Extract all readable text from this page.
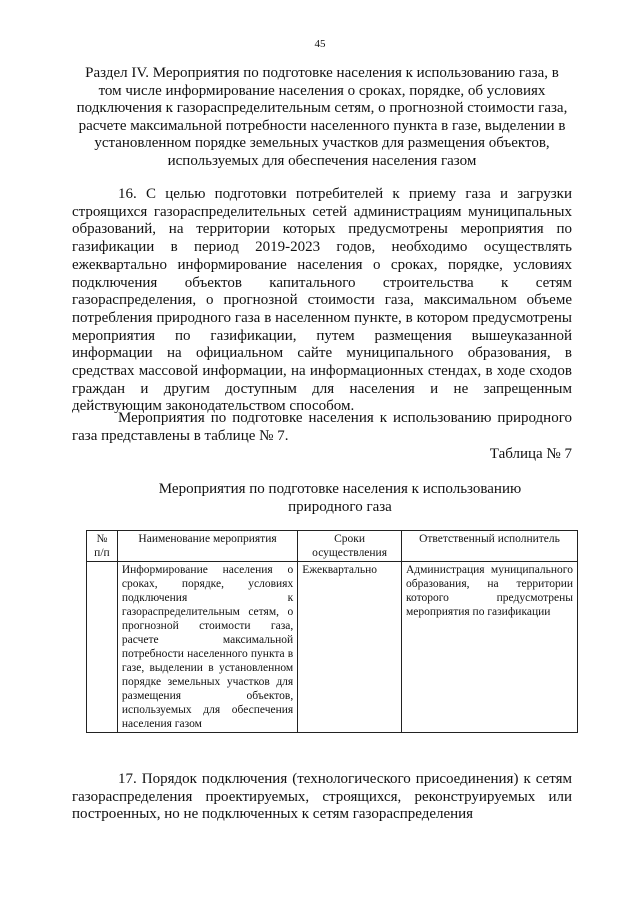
45
Раздел IV. Мероприятия по подготовке населения к использованию газа, в том числе информирование населения о сроках, порядке, об условиях подключения к газораспределительным сетям, о прогнозной стоимости газа, расчете максимальной потребности населенного пункта в газе, выделении в установленном порядке земельных участков для размещения объектов, используемых для обеспечения населения газом
16. С целью подготовки потребителей к приему газа и загрузки строящихся газораспределительных сетей администрациям муниципальных образований, на территории которых предусмотрены мероприятия по газификации в период 2019-2023 годов, необходимо осуществлять ежеквартально информирование населения о сроках, порядке, условиях подключения объектов капитального строительства к сетям газораспределения, о прогнозной стоимости газа, максимальном объеме потребления природного газа в населенном пункте, в котором предусмотрены мероприятия по газификации, путем размещения вышеуказанной информации на официальном сайте муниципального образования, в средствах массовой информации, на информационных стендах, в ходе сходов граждан и другим доступным для населения и не запрещенным действующим законодательством способом.
Мероприятия по подготовке населения к использованию природного газа представлены в таблице № 7.
Таблица № 7
Мероприятия по подготовке населения к использованию природного газа
№ п/п	Наименование мероприятия	Сроки осуществления	Ответственный исполнитель
	Информирование населения о сроках, порядке, условиях подключения к газораспределительным сетям, о прогнозной стоимости газа, расчете максимальной потребности населенного пункта в газе, выделении в установленном порядке земельных участков для размещения объектов, используемых для обеспечения населения газом	Ежеквартально	Администрация муниципального образования, на территории которого предусмотрены мероприятия по газификации
17. Порядок подключения (технологического присоединения) к сетям газораспределения проектируемых, строящихся, реконструируемых или построенных, но не подключенных к сетям газораспределения
